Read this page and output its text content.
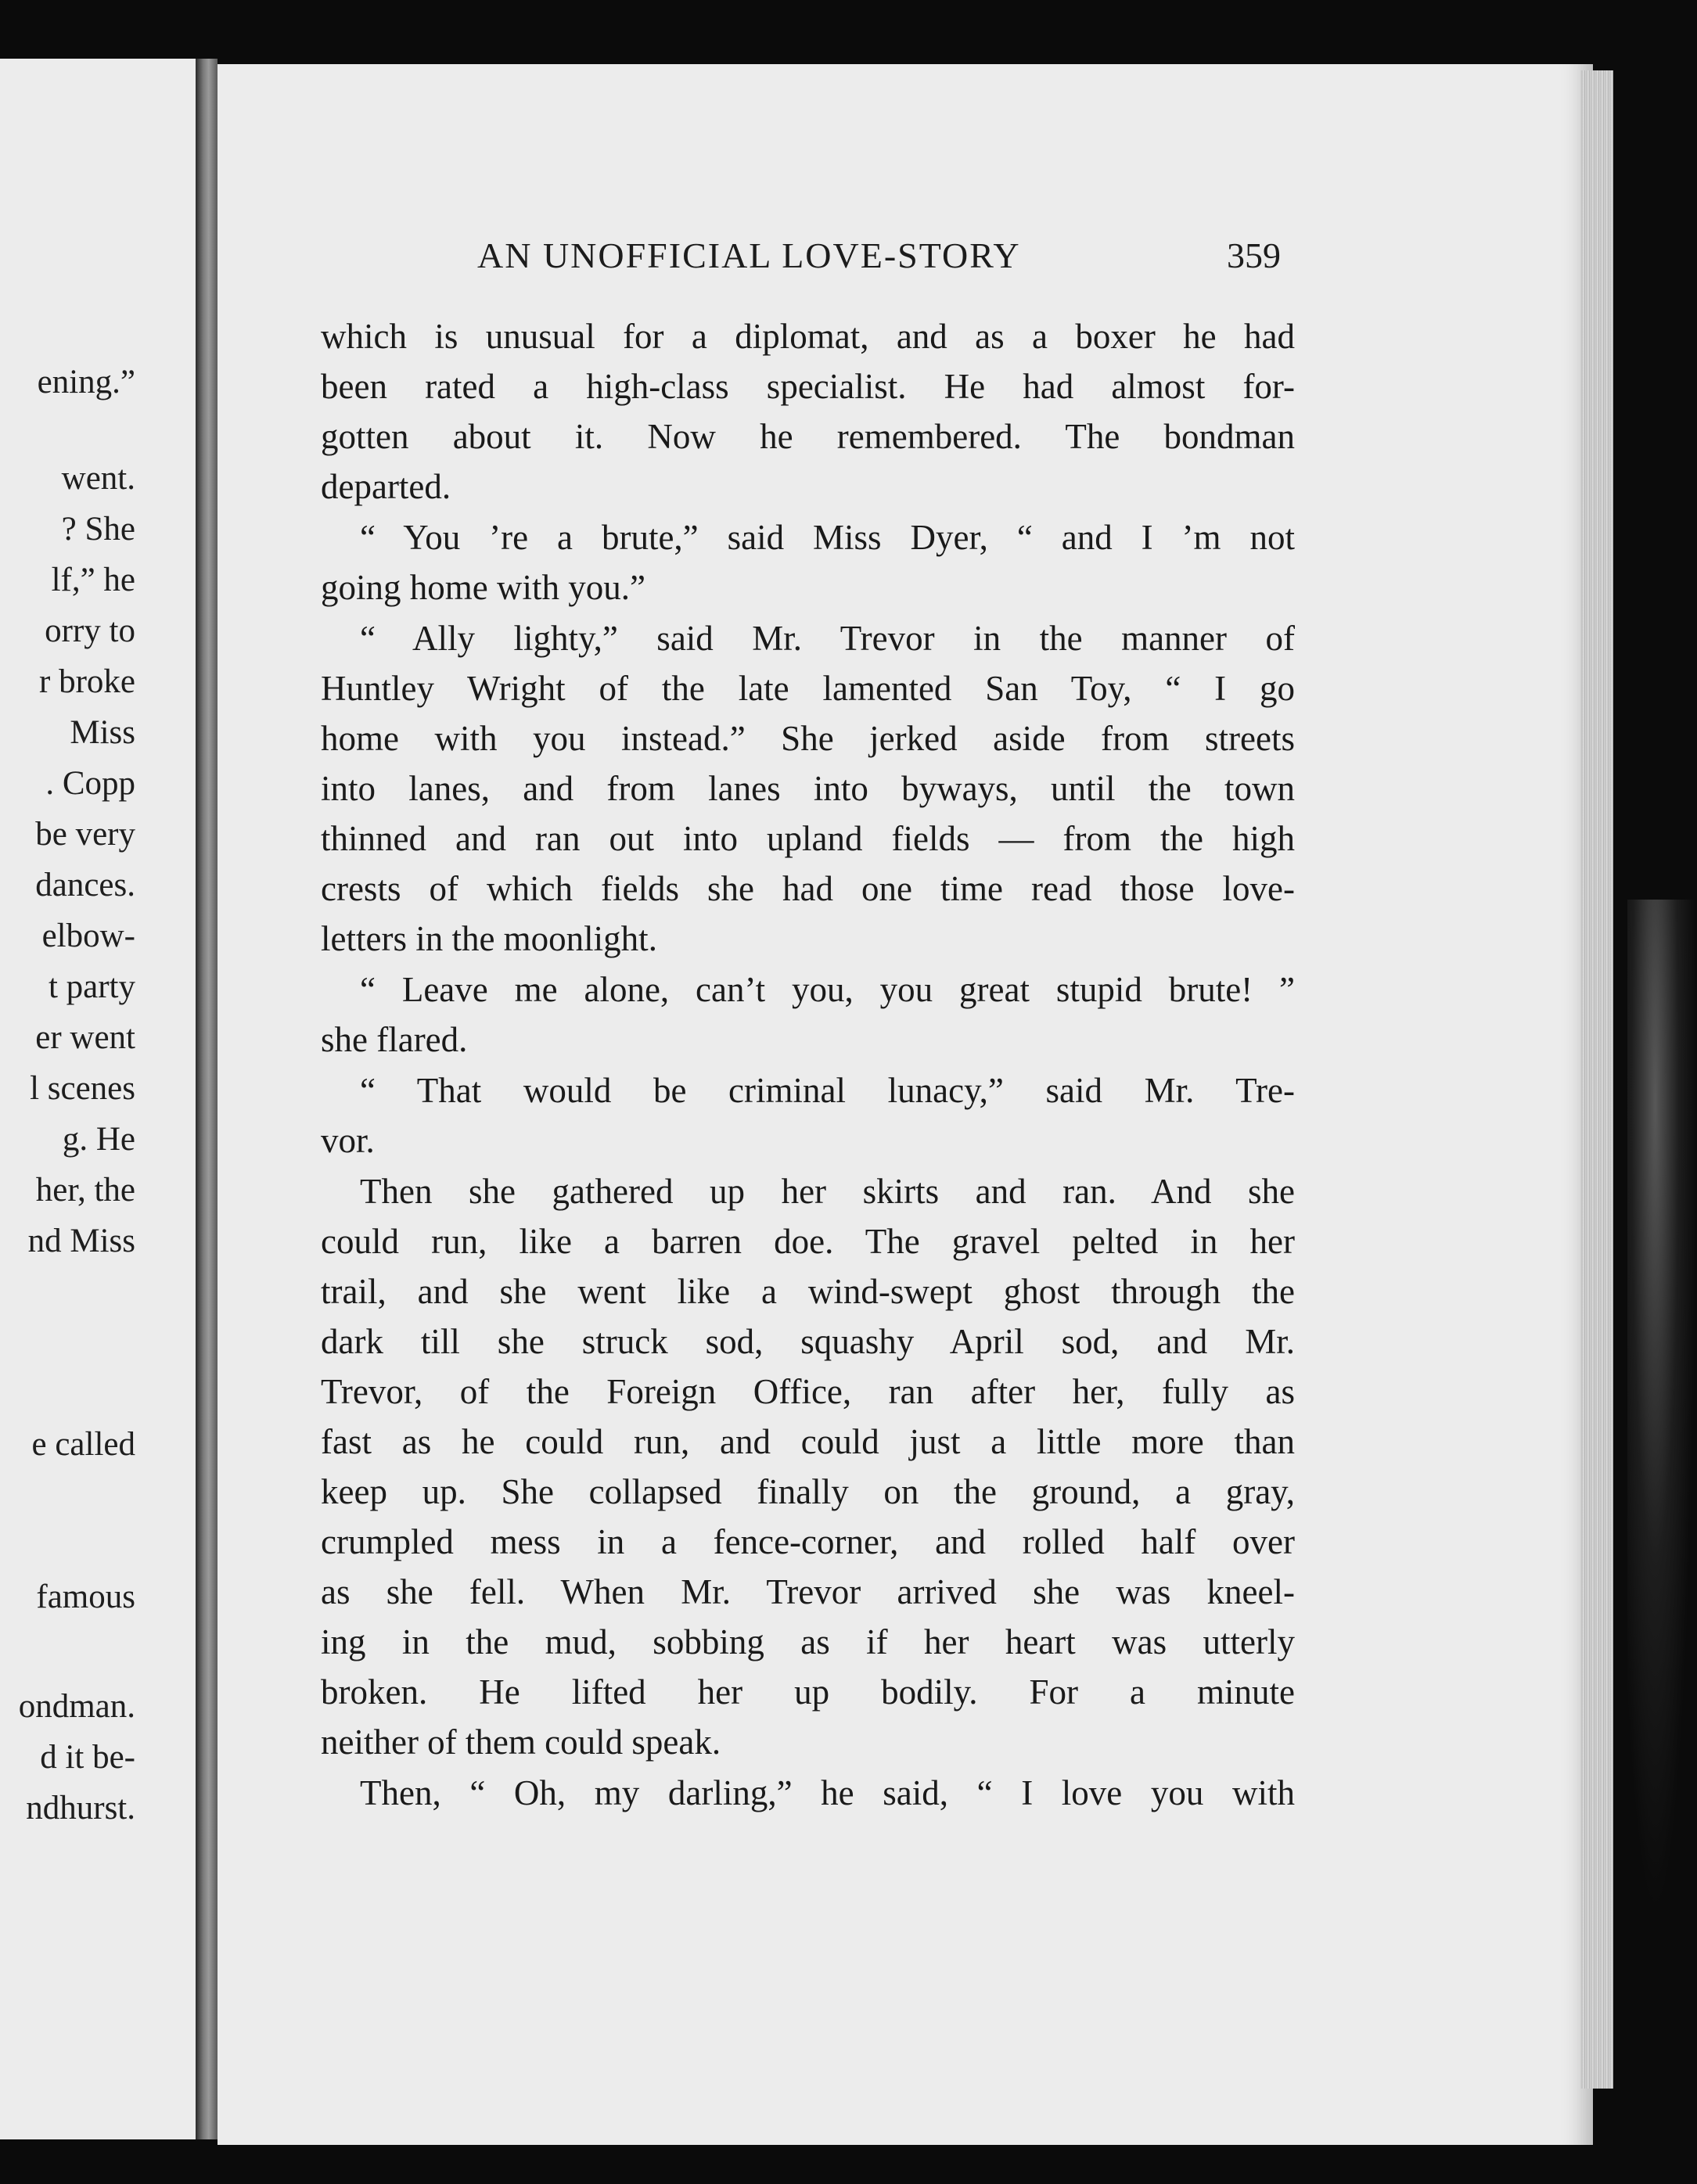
ening.”
went.
? She
lf,” he
orry to
r broke
Miss
. Copp
be very
dances.
elbow-
t party
er went
l scenes
g. He
her, the
nd Miss
e called
famous
ondman.
d it be-
ndhurst.
AN UNOFFICIAL LOVE-STORY	359
which is unusual for a diplomat, and as a boxer he had
been rated a high-class specialist. He had almost for-
gotten about it. Now he remembered. The bondman
departed.
“ You ’re a brute,” said Miss Dyer, “ and I ’m not
going home with you.”
“ Ally lighty,” said Mr. Trevor in the manner of
Huntley Wright of the late lamented San Toy, “ I go
home with you instead.” She jerked aside from streets
into lanes, and from lanes into byways, until the town
thinned and ran out into upland fields — from the high
crests of which fields she had one time read those love-
letters in the moonlight.
“ Leave me alone, can’t you, you great stupid brute! ”
she flared.
“ That would be criminal lunacy,” said Mr. Tre-
vor.
Then she gathered up her skirts and ran. And she
could run, like a barren doe. The gravel pelted in her
trail, and she went like a wind-swept ghost through the
dark till she struck sod, squashy April sod, and Mr.
Trevor, of the Foreign Office, ran after her, fully as
fast as he could run, and could just a little more than
keep up. She collapsed finally on the ground, a gray,
crumpled mess in a fence-corner, and rolled half over
as she fell. When Mr. Trevor arrived she was kneel-
ing in the mud, sobbing as if her heart was utterly
broken. He lifted her up bodily. For a minute
neither of them could speak.
Then, “ Oh, my darling,” he said, “ I love you with
